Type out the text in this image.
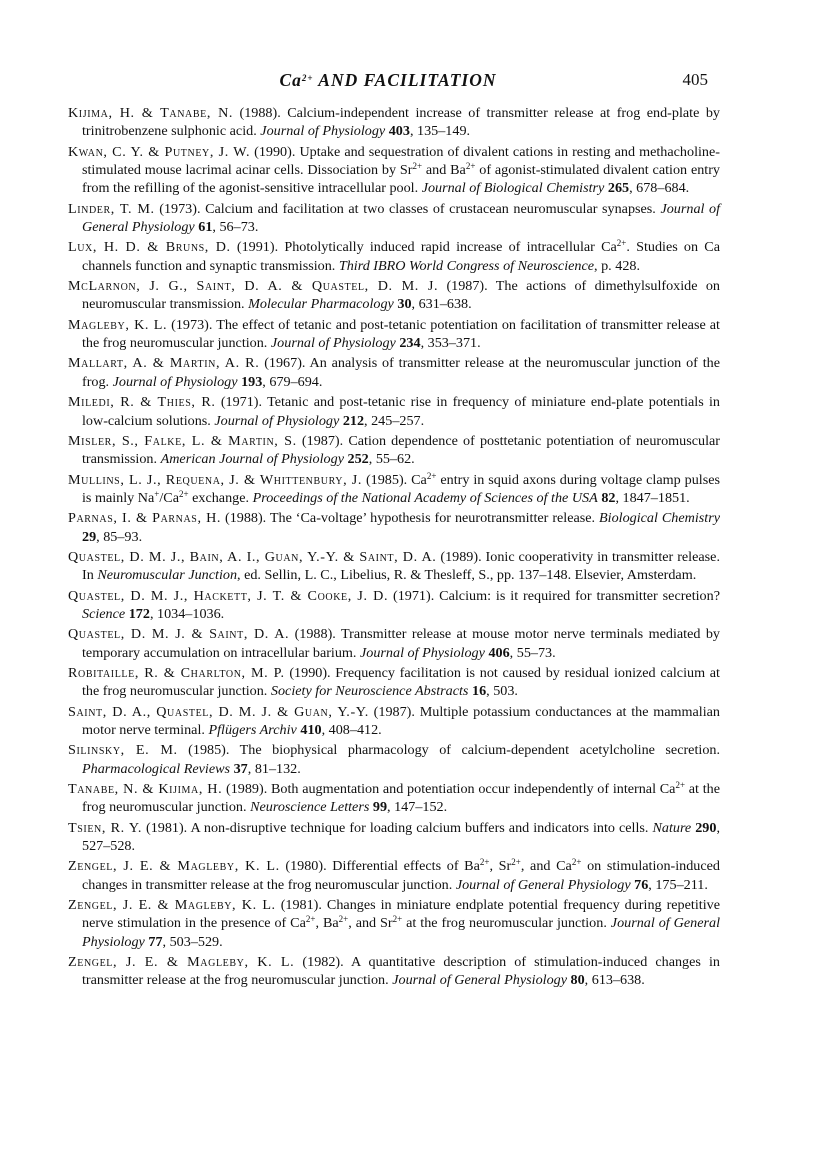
$Ca^{2+}$ AND FACILITATION	405

Kijima, H. & Tanabe, N. (1988). Calcium-independent increase of transmitter release at frog end-plate by trinitrobenzene sulphonic acid. Journal of Physiology 403, 135–149.

Kwan, C. Y. & Putney, J. W. (1990). Uptake and sequestration of divalent cations in resting and methacholine-stimulated mouse lacrimal acinar cells. Dissociation by $Sr^{2+}$ and $Ba^{2+}$ of agonist-stimulated divalent cation entry from the refilling of the agonist-sensitive intracellular pool. Journal of Biological Chemistry 265, 678–684.

Linder, T. M. (1973). Calcium and facilitation at two classes of crustacean neuromuscular synapses. Journal of General Physiology 61, 56–73.

Lux, H. D. & Bruns, D. (1991). Photolytically induced rapid increase of intracellular $Ca^{2+}$. Studies on Ca channels function and synaptic transmission. Third IBRO World Congress of Neuroscience, p. 428.

McLarnon, J. G., Saint, D. A. & Quastel, D. M. J. (1987). The actions of dimethylsulfoxide on neuromuscular transmission. Molecular Pharmacology 30, 631–638.

Magleby, K. L. (1973). The effect of tetanic and post-tetanic potentiation on facilitation of transmitter release at the frog neuromuscular junction. Journal of Physiology 234, 353–371.

Mallart, A. & Martin, A. R. (1967). An analysis of transmitter release at the neuromuscular junction of the frog. Journal of Physiology 193, 679–694.

Miledi, R. & Thies, R. (1971). Tetanic and post-tetanic rise in frequency of miniature end-plate potentials in low-calcium solutions. Journal of Physiology 212, 245–257.

Misler, S., Falke, L. & Martin, S. (1987). Cation dependence of posttetanic potentiation of neuromuscular transmission. American Journal of Physiology 252, 55–62.

Mullins, L. J., Requena, J. & Whittenbury, J. (1985). $Ca^{2+}$ entry in squid axons during voltage clamp pulses is mainly $Na^+/Ca^{2+}$ exchange. Proceedings of the National Academy of Sciences of the USA 82, 1847–1851.

Parnas, I. & Parnas, H. (1988). The ‘Ca-voltage’ hypothesis for neurotransmitter release. Biological Chemistry 29, 85–93.

Quastel, D. M. J., Bain, A. I., Guan, Y.-Y. & Saint, D. A. (1989). Ionic cooperativity in transmitter release. In Neuromuscular Junction, ed. Sellin, L. C., Libelius, R. & Thesleff, S., pp. 137–148. Elsevier, Amsterdam.

Quastel, D. M. J., Hackett, J. T. & Cooke, J. D. (1971). Calcium: is it required for transmitter secretion? Science 172, 1034–1036.

Quastel, D. M. J. & Saint, D. A. (1988). Transmitter release at mouse motor nerve terminals mediated by temporary accumulation on intracellular barium. Journal of Physiology 406, 55–73.

Robitaille, R. & Charlton, M. P. (1990). Frequency facilitation is not caused by residual ionized calcium at the frog neuromuscular junction. Society for Neuroscience Abstracts 16, 503.

Saint, D. A., Quastel, D. M. J. & Guan, Y.-Y. (1987). Multiple potassium conductances at the mammalian motor nerve terminal. Pflügers Archiv 410, 408–412.

Silinsky, E. M. (1985). The biophysical pharmacology of calcium-dependent acetylcholine secretion. Pharmacological Reviews 37, 81–132.

Tanabe, N. & Kijima, H. (1989). Both augmentation and potentiation occur independently of internal $Ca^{2+}$ at the frog neuromuscular junction. Neuroscience Letters 99, 147–152.

Tsien, R. Y. (1981). A non-disruptive technique for loading calcium buffers and indicators into cells. Nature 290, 527–528.

Zengel, J. E. & Magleby, K. L. (1980). Differential effects of $Ba^{2+}$, $Sr^{2+}$, and $Ca^{2+}$ on stimulation-induced changes in transmitter release at the frog neuromuscular junction. Journal of General Physiology 76, 175–211.

Zengel, J. E. & Magleby, K. L. (1981). Changes in miniature endplate potential frequency during repetitive nerve stimulation in the presence of $Ca^{2+}$, $Ba^{2+}$, and $Sr^{2+}$ at the frog neuromuscular junction. Journal of General Physiology 77, 503–529.

Zengel, J. E. & Magleby, K. L. (1982). A quantitative description of stimulation-induced changes in transmitter release at the frog neuromuscular junction. Journal of General Physiology 80, 613–638.
